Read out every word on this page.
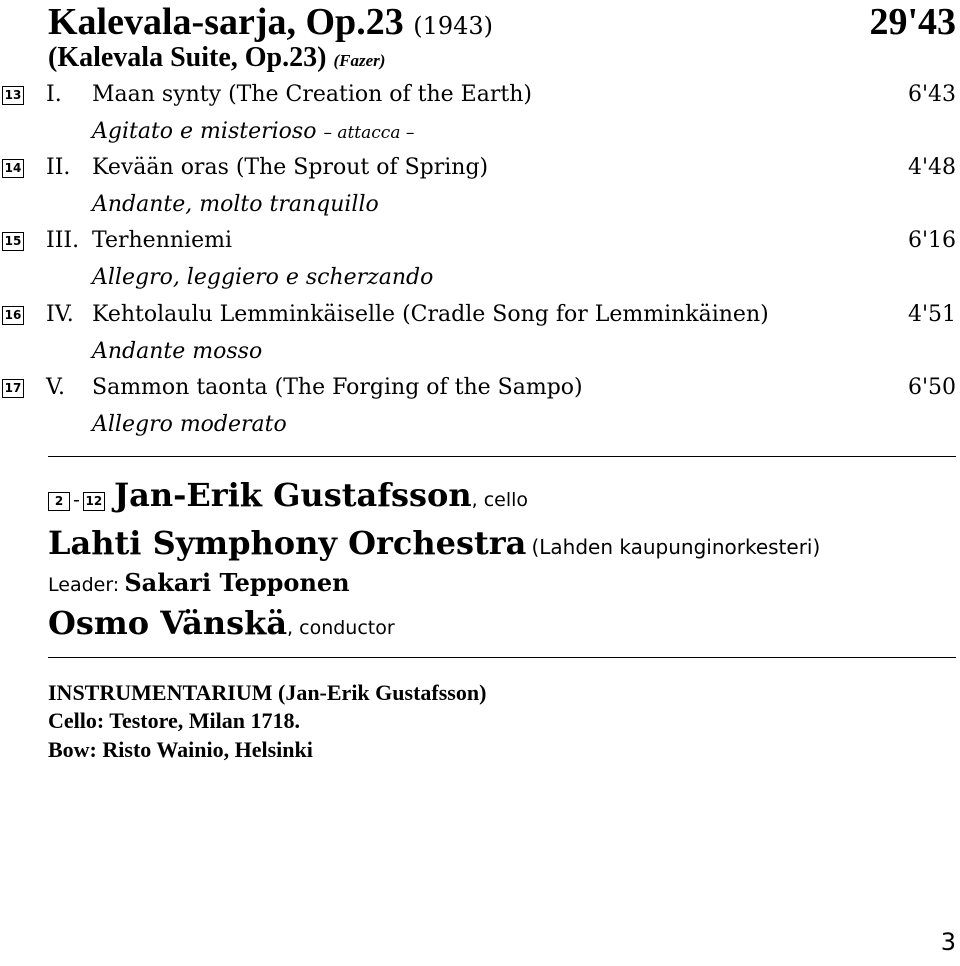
Kalevala-sarja, Op.23 (1943)	29'43
(Kalevala Suite, Op.23) (Fazer)
13 I. Maan synty (The Creation of the Earth)	6'43
Agitato e misterioso – attacca –
14 II. Kevään oras (The Sprout of Spring)	4'48
Andante, molto tranquillo
15 III. Terhenniemi	6'16
Allegro, leggiero e scherzando
16 IV. Kehtolaulu Lemminkäiselle (Cradle Song for Lemminkäinen)	4'51
Andante mosso
17 V. Sammon taonta (The Forging of the Sampo)	6'50
Allegro moderato
2 - 12 Jan-Erik Gustafsson, cello
Lahti Symphony Orchestra (Lahden kaupunginorkesteri)
Leader: Sakari Tepponen
Osmo Vänskä, conductor
INSTRUMENTARIUM (Jan-Erik Gustafsson)
Cello: Testore, Milan 1718.
Bow: Risto Wainio, Helsinki
3
